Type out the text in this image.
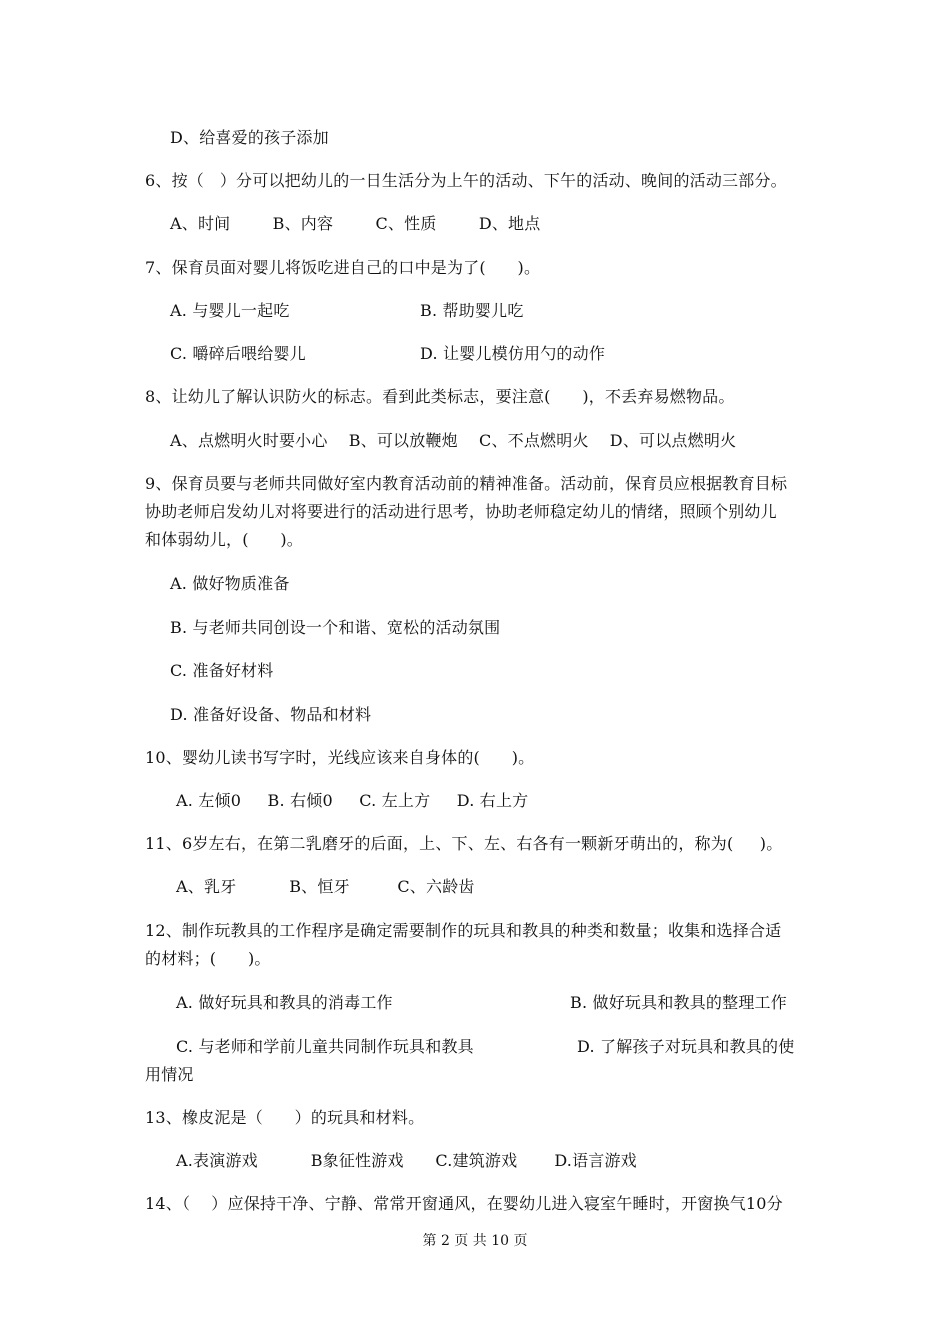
D、给喜爱的孩子添加
6、按（   ）分可以把幼儿的一日生活分为上午的活动、下午的活动、晚间的活动三部分。
A、时间        B、内容        C、性质        D、地点
7、保育员面对婴儿将饭吃进自己的口中是为了(      )。
A. 与婴儿一起吃	B. 帮助婴儿吃
C. 嚼碎后喂给婴儿	D. 让婴儿模仿用勺的动作
8、让幼儿了解认识防火的标志。看到此类标志，要注意(      )，不丢弃易燃物品。
A、点燃明火时要小心    B、可以放鞭炮    C、不点燃明火    D、可以点燃明火
9、保育员要与老师共同做好室内教育活动前的精神准备。活动前，保育员应根据教育目标
协助老师启发幼儿对将要进行的活动进行思考，协助老师稳定幼儿的情绪，照顾个别幼儿
和体弱幼儿，(      )。
A. 做好物质准备
B. 与老师共同创设一个和谐、宽松的活动氛围
C. 准备好材料
D. 准备好设备、物品和材料
10、婴幼儿读书写字时，光线应该来自身体的(      )。
A. 左倾0     B. 右倾0     C. 左上方     D. 右上方
11、6岁左右，在第二乳磨牙的后面，上、下、左、右各有一颗新牙萌出的，称为(     )。
A、乳牙          B、恒牙         C、六龄齿
12、制作玩教具的工作程序是确定需要制作的玩具和教具的种类和数量；收集和选择合适
的材料；(      )。
A. 做好玩具和教具的消毒工作	B. 做好玩具和教具的整理工作
C. 与老师和学前儿童共同制作玩具和教具	D. 了解孩子对玩具和教具的使
用情况
13、橡皮泥是（      ）的玩具和材料。
A.表演游戏          B象征性游戏      C.建筑游戏       D.语言游戏
14、（    ）应保持干净、宁静、常常开窗通风，在婴幼儿进入寝室午睡时，开窗换气10分
第 2 页 共 10 页
